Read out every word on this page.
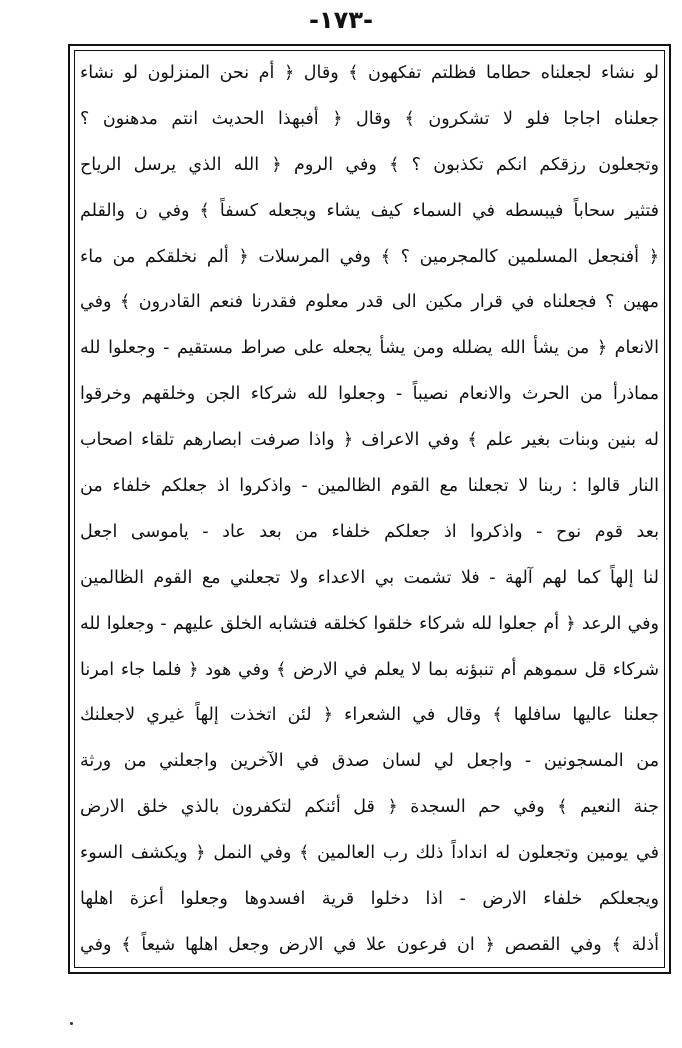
-١٧٣-
لو نشاء لجعلناه حطاما فظلتم تفكهون ﴾ وقال ﴿ أم نحن المنزلون لو نشاء
جعلناه اجاجا فلو لا تشكرون ﴾ وقال ﴿ أفبهذا الحديث انتم مدهنون ؟
وتجعلون رزقكم انكم تكذبون ؟ ﴾ وفي الروم ﴿ الله الذي يرسل الرياح
فتثير سحاباً فيبسطه في السماء كيف يشاء ويجعله كسفاً ﴾ وفي ن والقلم
﴿ أفنجعل المسلمين كالمجرمين ؟ ﴾ وفي المرسلات ﴿ ألم نخلقكم من ماء
مهين ؟ فجعلناه في قرار مكين الى قدر معلوم فقدرنا فنعم القادرون ﴾ وفي
الانعام ﴿ من يشأ الله يضلله ومن يشأ يجعله على صراط مستقيم - وجعلوا لله
مماذرأ من الحرث والانعام نصيباً - وجعلوا لله شركاء الجن وخلقهم وخرقوا
له بنين وبنات بغير علم ﴾ وفي الاعراف ﴿ واذا صرفت ابصارهم تلقاء اصحاب
النار قالوا : ربنا لا تجعلنا مع القوم الظالمين - واذكروا اذ جعلكم خلفاء من
بعد قوم نوح - واذكروا اذ جعلكم خلفاء من بعد عاد - ياموسى اجعل
لنا إلهاً كما لهم آلهة - فلا تشمت بي الاعداء ولا تجعلني مع القوم الظالمين
وفي الرعد ﴿ أم جعلوا لله شركاء خلقوا كخلقه فتشابه الخلق عليهم - وجعلوا لله
شركاء قل سموهم أم تنبؤنه بما لا يعلم في الارض ﴾ وفي هود ﴿ فلما جاء امرنا
جعلنا عاليها سافلها ﴾ وقال في الشعراء ﴿ لئن اتخذت إلهاً غيري لاجعلنك
من المسجونين - واجعل لي لسان صدق في الآخرين واجعلني من ورثة
جنة النعيم ﴾ وفي حم السجدة ﴿ قل أئنكم لتكفرون بالذي خلق الارض
في يومين وتجعلون له انداداً ذلك رب العالمين ﴾ وفي النمل ﴿ ويكشف السوء
ويجعلكم خلفاء الارض - اذا دخلوا قرية افسدوها وجعلوا أعزة اهلها
أذلة ﴾ وفي القصص ﴿ ان فرعون علا في الارض وجعل اهلها شيعاً ﴾ وفي
